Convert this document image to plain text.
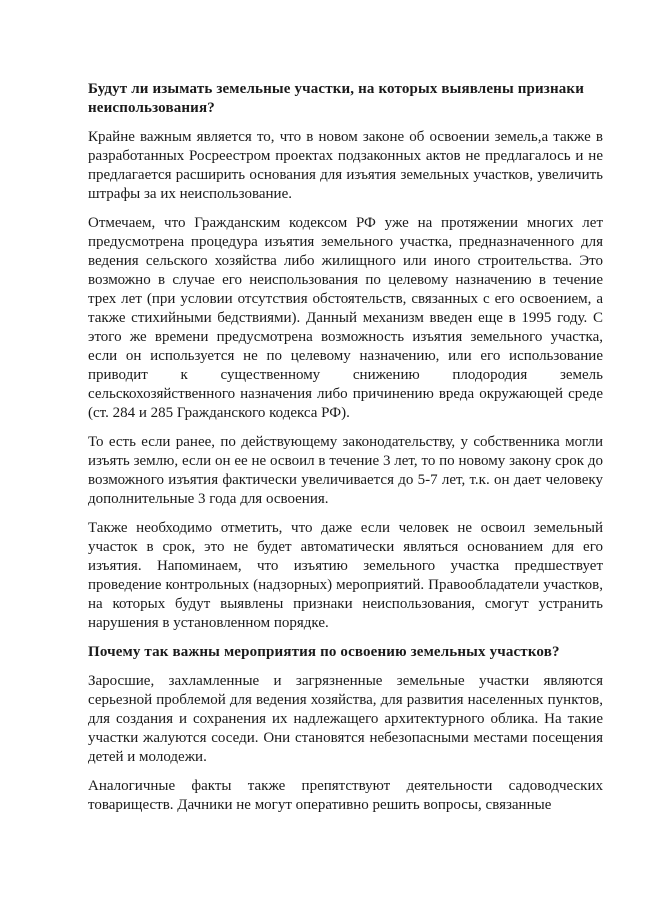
Будут ли изымать земельные участки, на которых выявлены признаки неиспользования?

Крайне важным является то, что в новом законе об освоении земель,а также в разработанных Росреестром проектах подзаконных актов не предлагалось и не предлагается расширить основания для изъятия земельных участков, увеличить штрафы за их неиспользование.

Отмечаем, что Гражданским кодексом РФ уже на протяжении многих лет предусмотрена процедура изъятия земельного участка, предназначенного для ведения сельского хозяйства либо жилищного или иного строительства. Это возможно в случае его неиспользования по целевому назначению в течение трех лет (при условии отсутствия обстоятельств, связанных с его освоением, а также стихийными бедствиями). Данный механизм введен еще в 1995 году. С этого же времени предусмотрена возможность изъятия земельного участка, если он используется не по целевому назначению, или его использование приводит к существенному снижению плодородия земель сельскохозяйственного назначения либо причинению вреда окружающей среде (ст. 284 и 285 Гражданского кодекса РФ).

То есть если ранее, по действующему законодательству, у собственника могли изъять землю, если он ее не освоил в течение 3 лет, то по новому закону срок до возможного изъятия фактически увеличивается до 5-7 лет, т.к. он дает человеку дополнительные 3 года для освоения.

Также необходимо отметить, что даже если человек не освоил земельный участок в срок, это не будет автоматически являться основанием для его изъятия. Напоминаем, что изъятию земельного участка предшествует проведение контрольных (надзорных) мероприятий. Правообладатели участков, на которых будут выявлены признаки неиспользования, смогут устранить нарушения в установленном порядке.

Почему так важны мероприятия по освоению земельных участков?

Заросшие, захламленные и загрязненные земельные участки являются серьезной проблемой для ведения хозяйства, для развития населенных пунктов, для создания и сохранения их надлежащего архитектурного облика. На такие участки жалуются соседи. Они становятся небезопасными местами посещения детей и молодежи.

Аналогичные факты также препятствуют деятельности садоводческих товариществ. Дачники не могут оперативно решить вопросы, связанные
